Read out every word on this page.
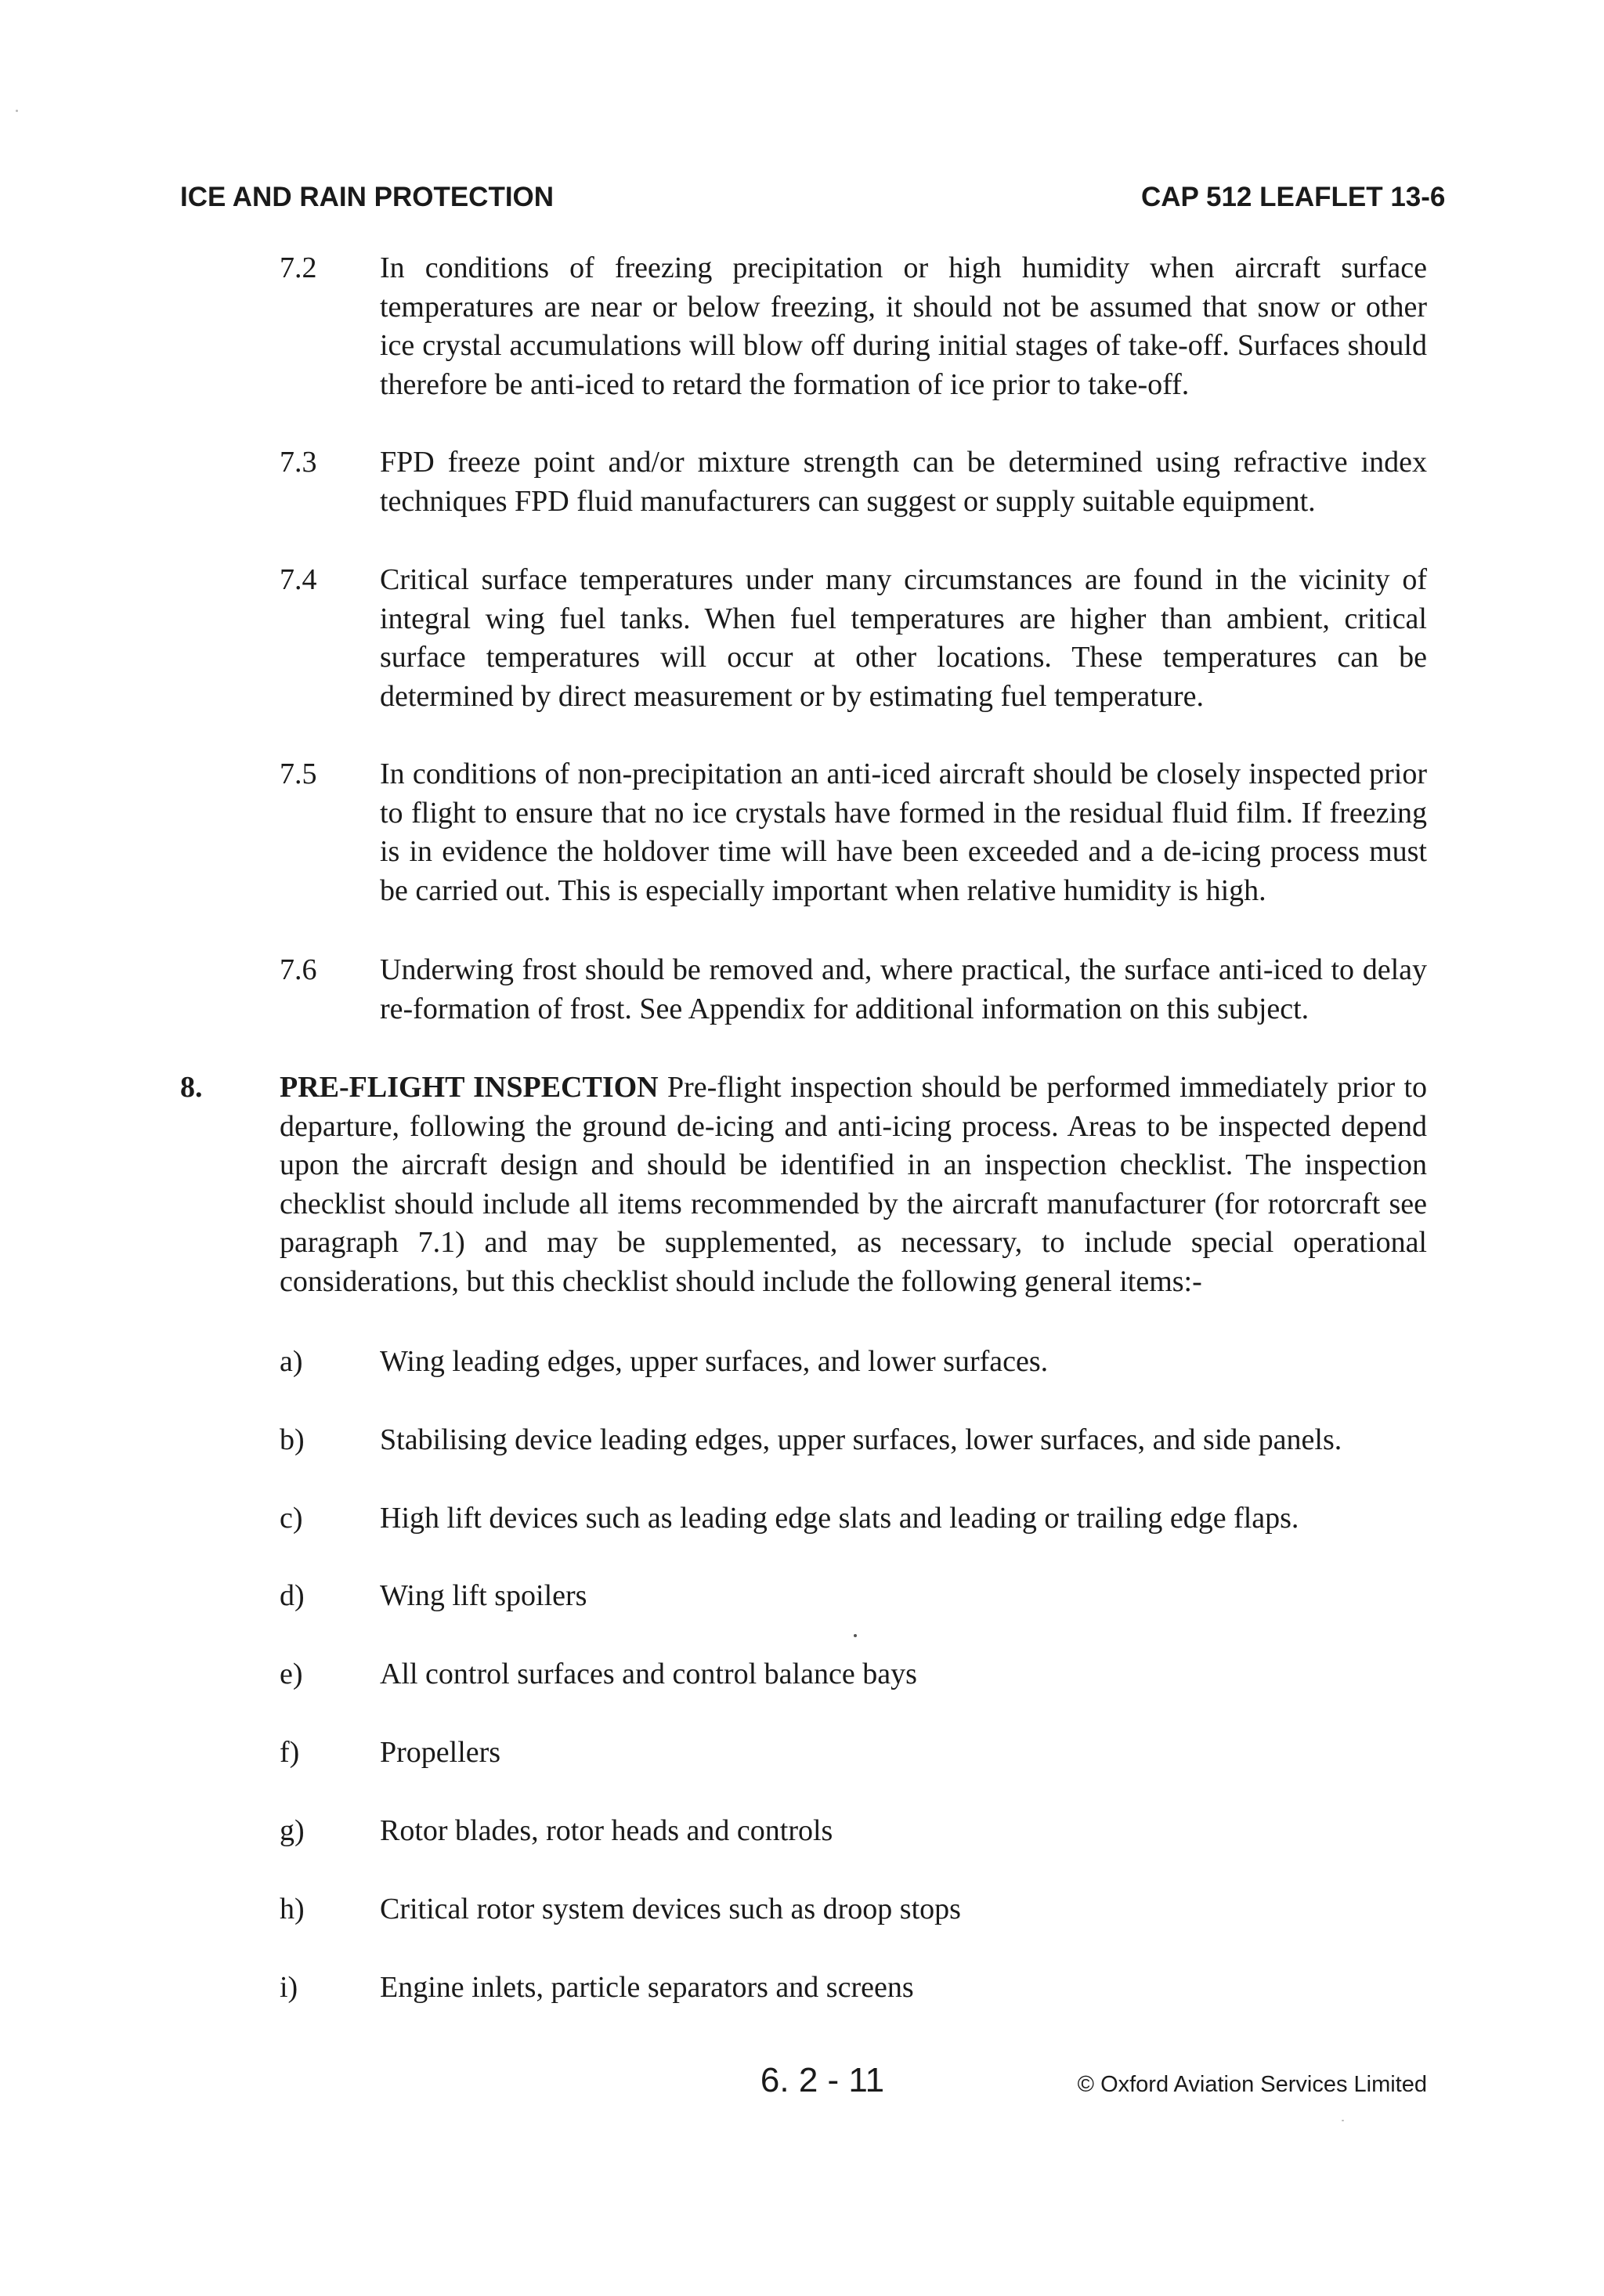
ICE AND RAIN PROTECTION	CAP 512 LEAFLET 13-6
7.2 In conditions of freezing precipitation or high humidity when aircraft surface temperatures are near or below freezing, it should not be assumed that snow or other ice crystal accumulations will blow off during initial stages of take-off. Surfaces should therefore be anti-iced to retard the formation of ice prior to take-off.
7.3 FPD freeze point and/or mixture strength can be determined using refractive index techniques FPD fluid manufacturers can suggest or supply suitable equipment.
7.4 Critical surface temperatures under many circumstances are found in the vicinity of integral wing fuel tanks. When fuel temperatures are higher than ambient, critical surface temperatures will occur at other locations. These temperatures can be determined by direct measurement or by estimating fuel temperature.
7.5 In conditions of non-precipitation an anti-iced aircraft should be closely inspected prior to flight to ensure that no ice crystals have formed in the residual fluid film. If freezing is in evidence the holdover time will have been exceeded and a de-icing process must be carried out. This is especially important when relative humidity is high.
7.6 Underwing frost should be removed and, where practical, the surface anti-iced to delay re-formation of frost. See Appendix for additional information on this subject.
8.	PRE-FLIGHT INSPECTION Pre-flight inspection should be performed immediately prior to departure, following the ground de-icing and anti-icing process. Areas to be inspected depend upon the aircraft design and should be identified in an inspection checklist. The inspection checklist should include all items recommended by the aircraft manufacturer (for rotorcraft see paragraph 7.1) and may be supplemented, as necessary, to include special operational considerations, but this checklist should include the following general items:-
a)	Wing leading edges, upper surfaces, and lower surfaces.
b)	Stabilising device leading edges, upper surfaces, lower surfaces, and side panels.
c)	High lift devices such as leading edge slats and leading or trailing edge flaps.
d)	Wing lift spoilers
e)	All control surfaces and control balance bays
f)	Propellers
g)	Rotor blades, rotor heads and controls
h)	Critical rotor system devices such as droop stops
i)	Engine inlets, particle separators and screens
6. 2 - 11	© Oxford Aviation Services Limited
